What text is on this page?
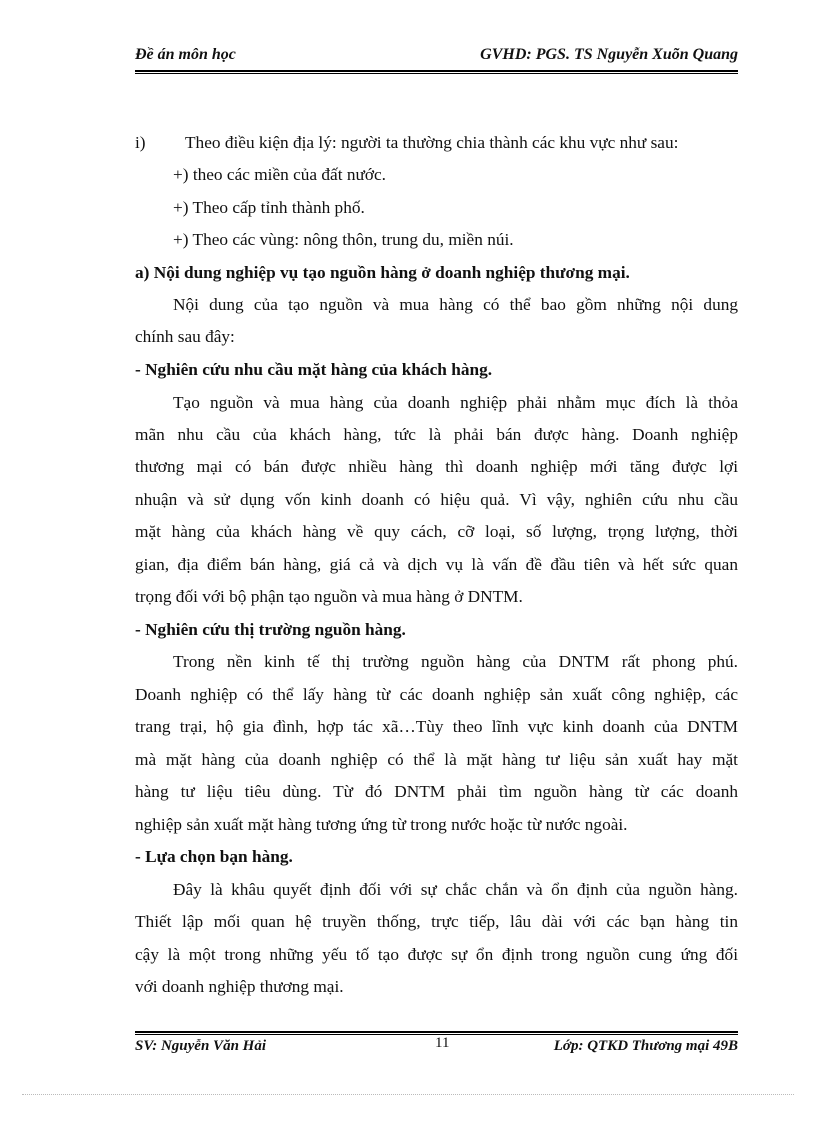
Đề án môn học	GVHD: PGS. TS Nguyễn Xuõn Quang
i) Theo điều kiện địa lý: người ta thường chia thành các khu vực như sau:
+) theo các miền của đất nước.
+) Theo cấp tỉnh thành phố.
+) Theo các vùng: nông thôn, trung du, miền núi.
a) Nội dung nghiệp vụ tạo nguồn hàng ở doanh nghiệp thương mại.
Nội dung của tạo nguồn và mua hàng có thể bao gồm những nội dung
chính sau đây:
- Nghiên cứu nhu cầu mặt hàng của khách hàng.
Tạo nguồn và mua hàng của doanh nghiệp phải nhằm mục đích là thỏa
mãn nhu cầu của khách hàng, tức là phải bán được hàng. Doanh nghiệp
thương mại có bán được nhiều hàng thì doanh nghiệp mới tăng được lợi
nhuận và sử dụng vốn kinh doanh có hiệu quả. Vì vậy, nghiên cứu nhu cầu
mặt hàng của khách hàng về quy cách, cỡ loại, số lượng, trọng lượng, thời
gian, địa điểm bán hàng, giá cả và dịch vụ là vấn đề đầu tiên và hết sức quan
trọng đối với bộ phận tạo nguồn và mua hàng ở DNTM.
- Nghiên cứu thị trường nguồn hàng.
Trong nền kinh tế thị trường nguồn hàng của DNTM rất phong phú.
Doanh nghiệp có thể lấy hàng từ các doanh nghiệp sản xuất công nghiệp, các
trang trại, hộ gia đình, hợp tác xã…Tùy theo lĩnh vực kinh doanh của DNTM
mà mặt hàng của doanh nghiệp có thể là mặt hàng tư liệu sản xuất hay mặt
hàng tư liệu tiêu dùng. Từ đó DNTM phải tìm nguồn hàng từ các doanh
nghiệp sản xuất mặt hàng tương ứng từ trong nước hoặc từ nước ngoài.
- Lựa chọn bạn hàng.
Đây là khâu quyết định đối với sự chắc chắn và ổn định của nguồn hàng.
Thiết lập mối quan hệ truyền thống, trực tiếp, lâu dài với các bạn hàng tin
cậy là một trong những yếu tố tạo được sự ổn định trong nguồn cung ứng đối
với doanh nghiệp thương mại.
SV: Nguyễn Văn Hải	11	Lớp: QTKD Thương mại 49B
